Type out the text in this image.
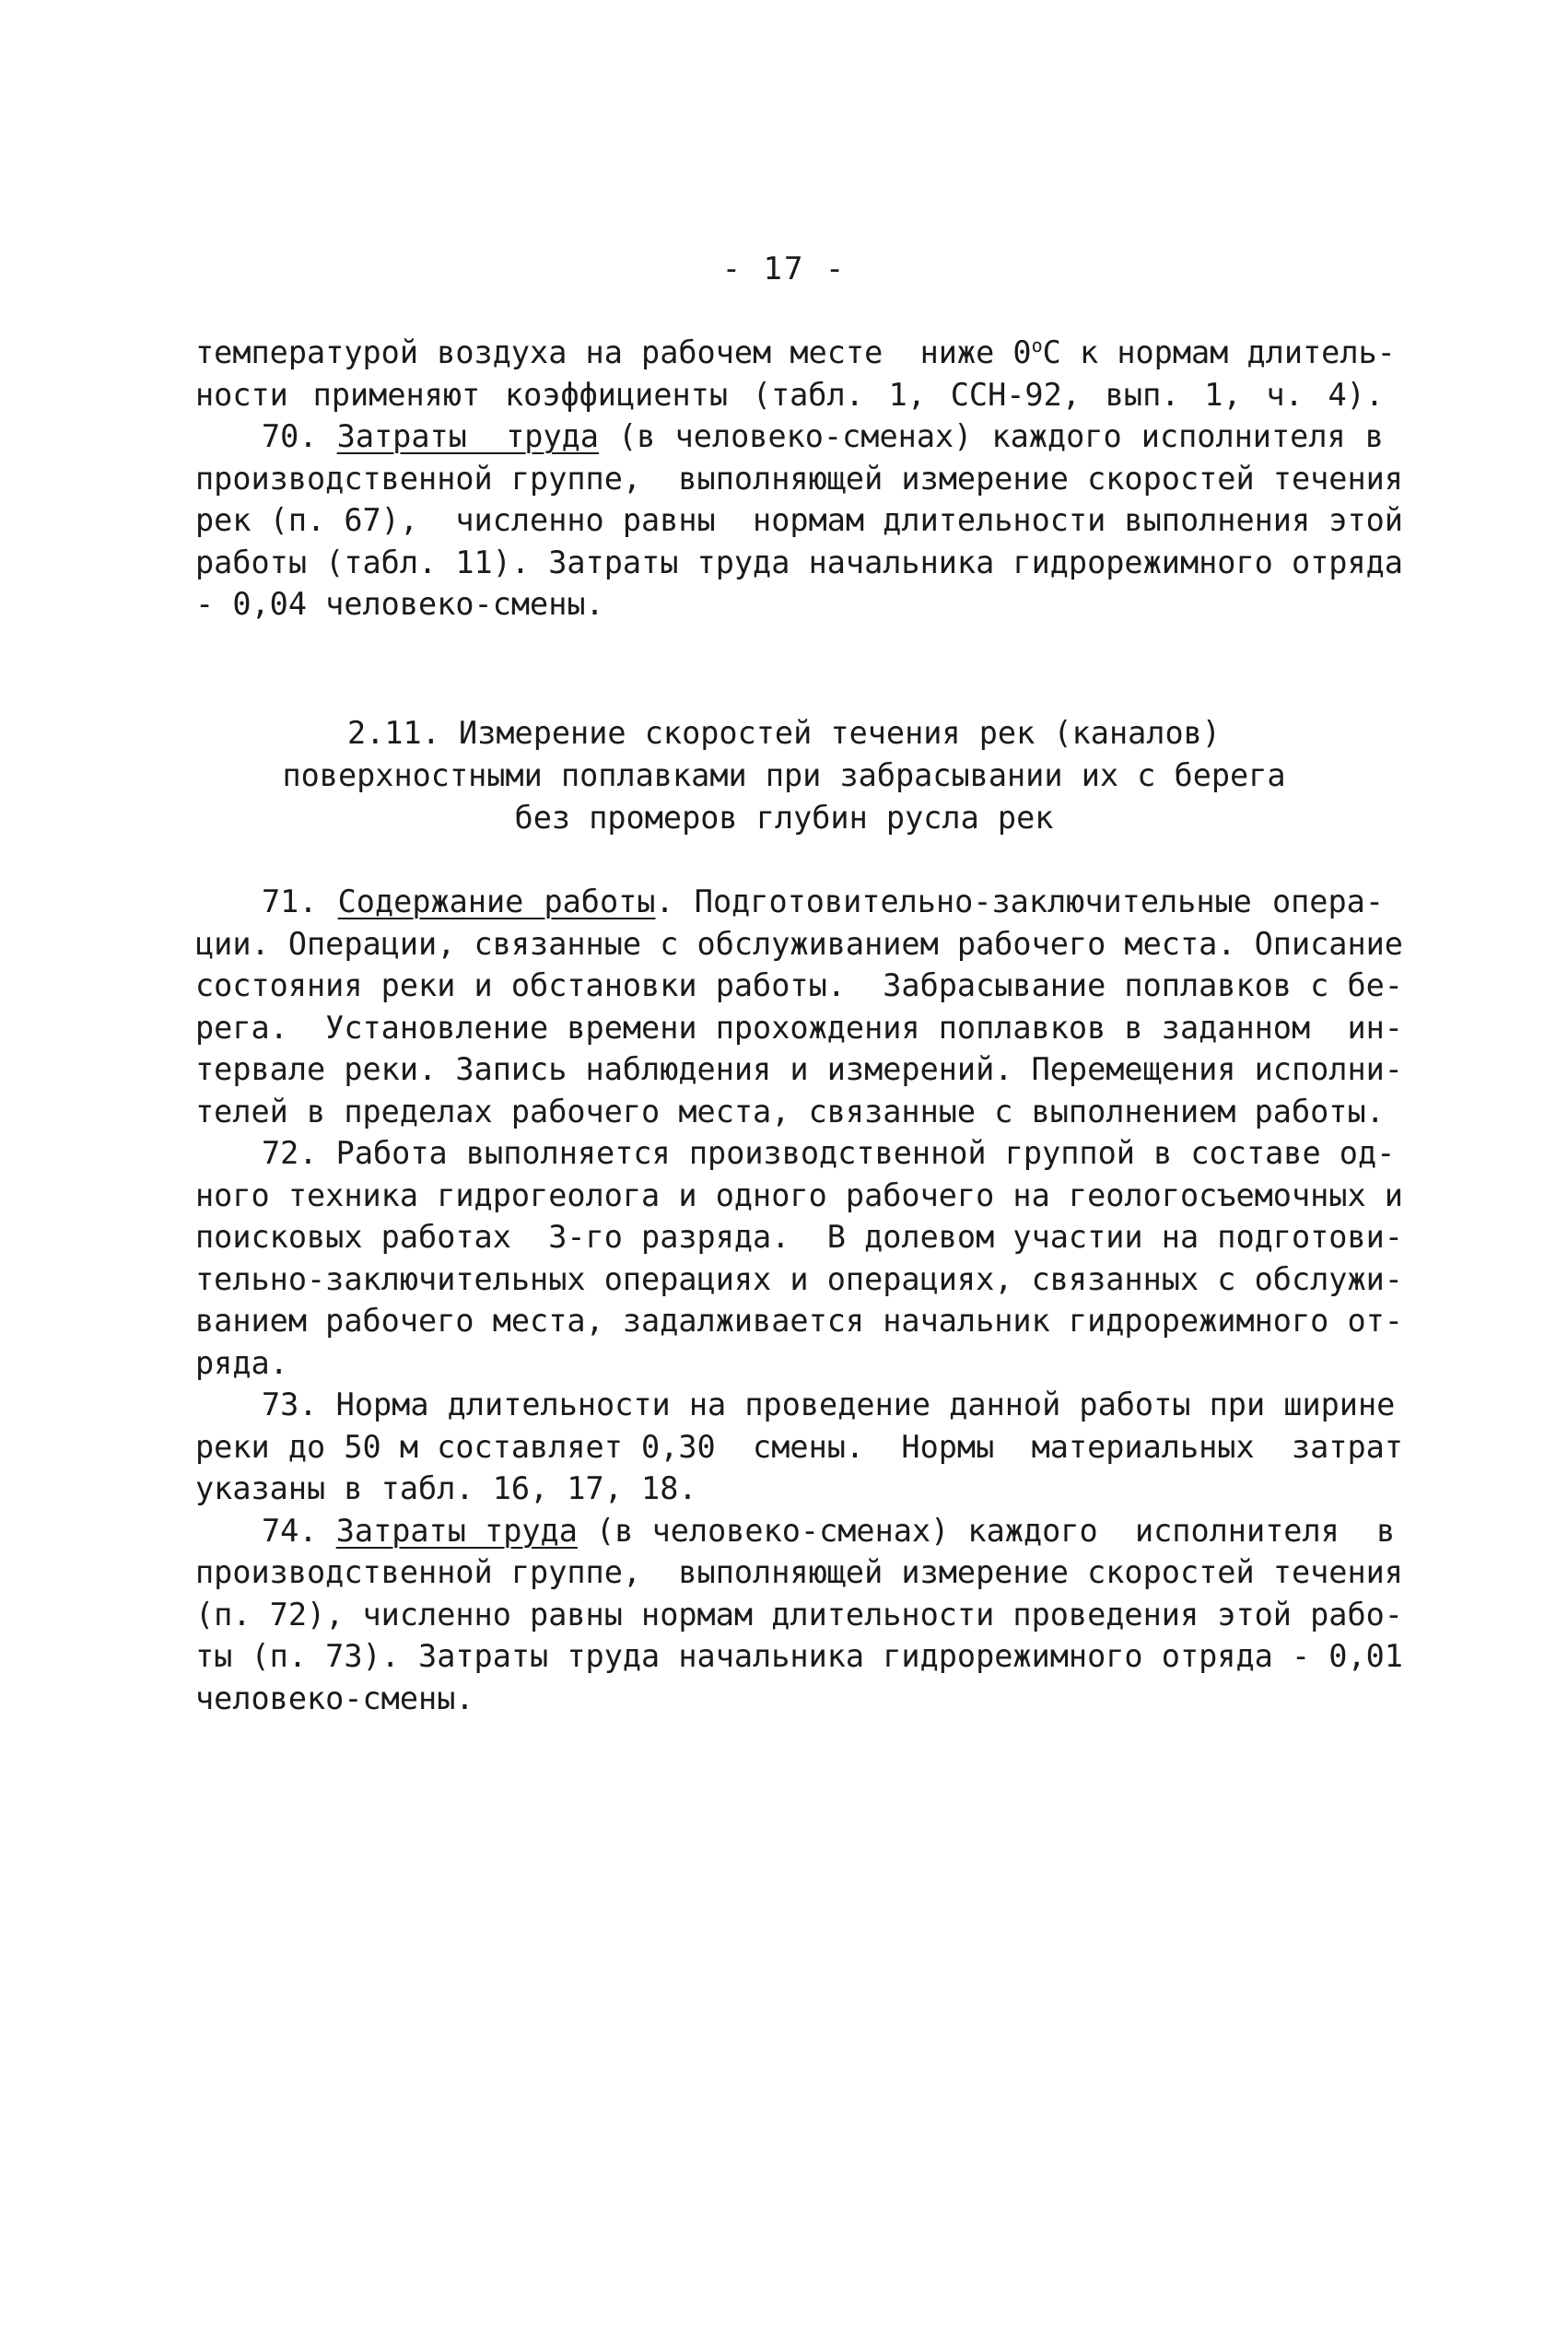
- 17 -
температурой воздуха на рабочем месте  ниже $0^оС$ к нормам длитель-
ности применяют коэффициенты (табл. 1, ССН-92, вып. 1, ч. 4).
70. Затраты  труда (в человеко-сменах) каждого исполнителя в
производственной группе,  выполняющей измерение скоростей течения
рек (п. 67),  численно равны  нормам длительности выполнения этой
работы (табл. 11). Затраты труда начальника гидрорежимного отряда
- 0,04 человеко-смены.
2.11. Измерение скоростей течения рек (каналов)
поверхностными поплавками при забрасывании их с берега
без промеров глубин русла рек
71. Содержание работы. Подготовительно-заключительные опера-
ции. Операции, связанные с обслуживанием рабочего места. Описание
состояния реки и обстановки работы.  Забрасывание поплавков с бе-
рега.  Установление времени прохождения поплавков в заданном  ин-
тервале реки. Запись наблюдения и измерений. Перемещения исполни-
телей в пределах рабочего места, связанные с выполнением работы.
72. Работа выполняется производственной группой в составе од-
ного техника гидрогеолога и одного рабочего на геологосъемочных и
поисковых работах  3-го разряда.  В долевом участии на подготови-
тельно-заключительных операциях и операциях, связанных с обслужи-
ванием рабочего места, задалживается начальник гидрорежимного от-
ряда.
73. Норма длительности на проведение данной работы при ширине
реки до 50 м составляет 0,30  смены.  Нормы  материальных  затрат
указаны в табл. 16, 17, 18.
74. Затраты труда (в человеко-сменах) каждого  исполнителя  в
производственной группе,  выполняющей измерение скоростей течения
(п. 72), численно равны нормам длительности проведения этой рабо-
ты (п. 73). Затраты труда начальника гидрорежимного отряда - 0,01
человеко-смены.
